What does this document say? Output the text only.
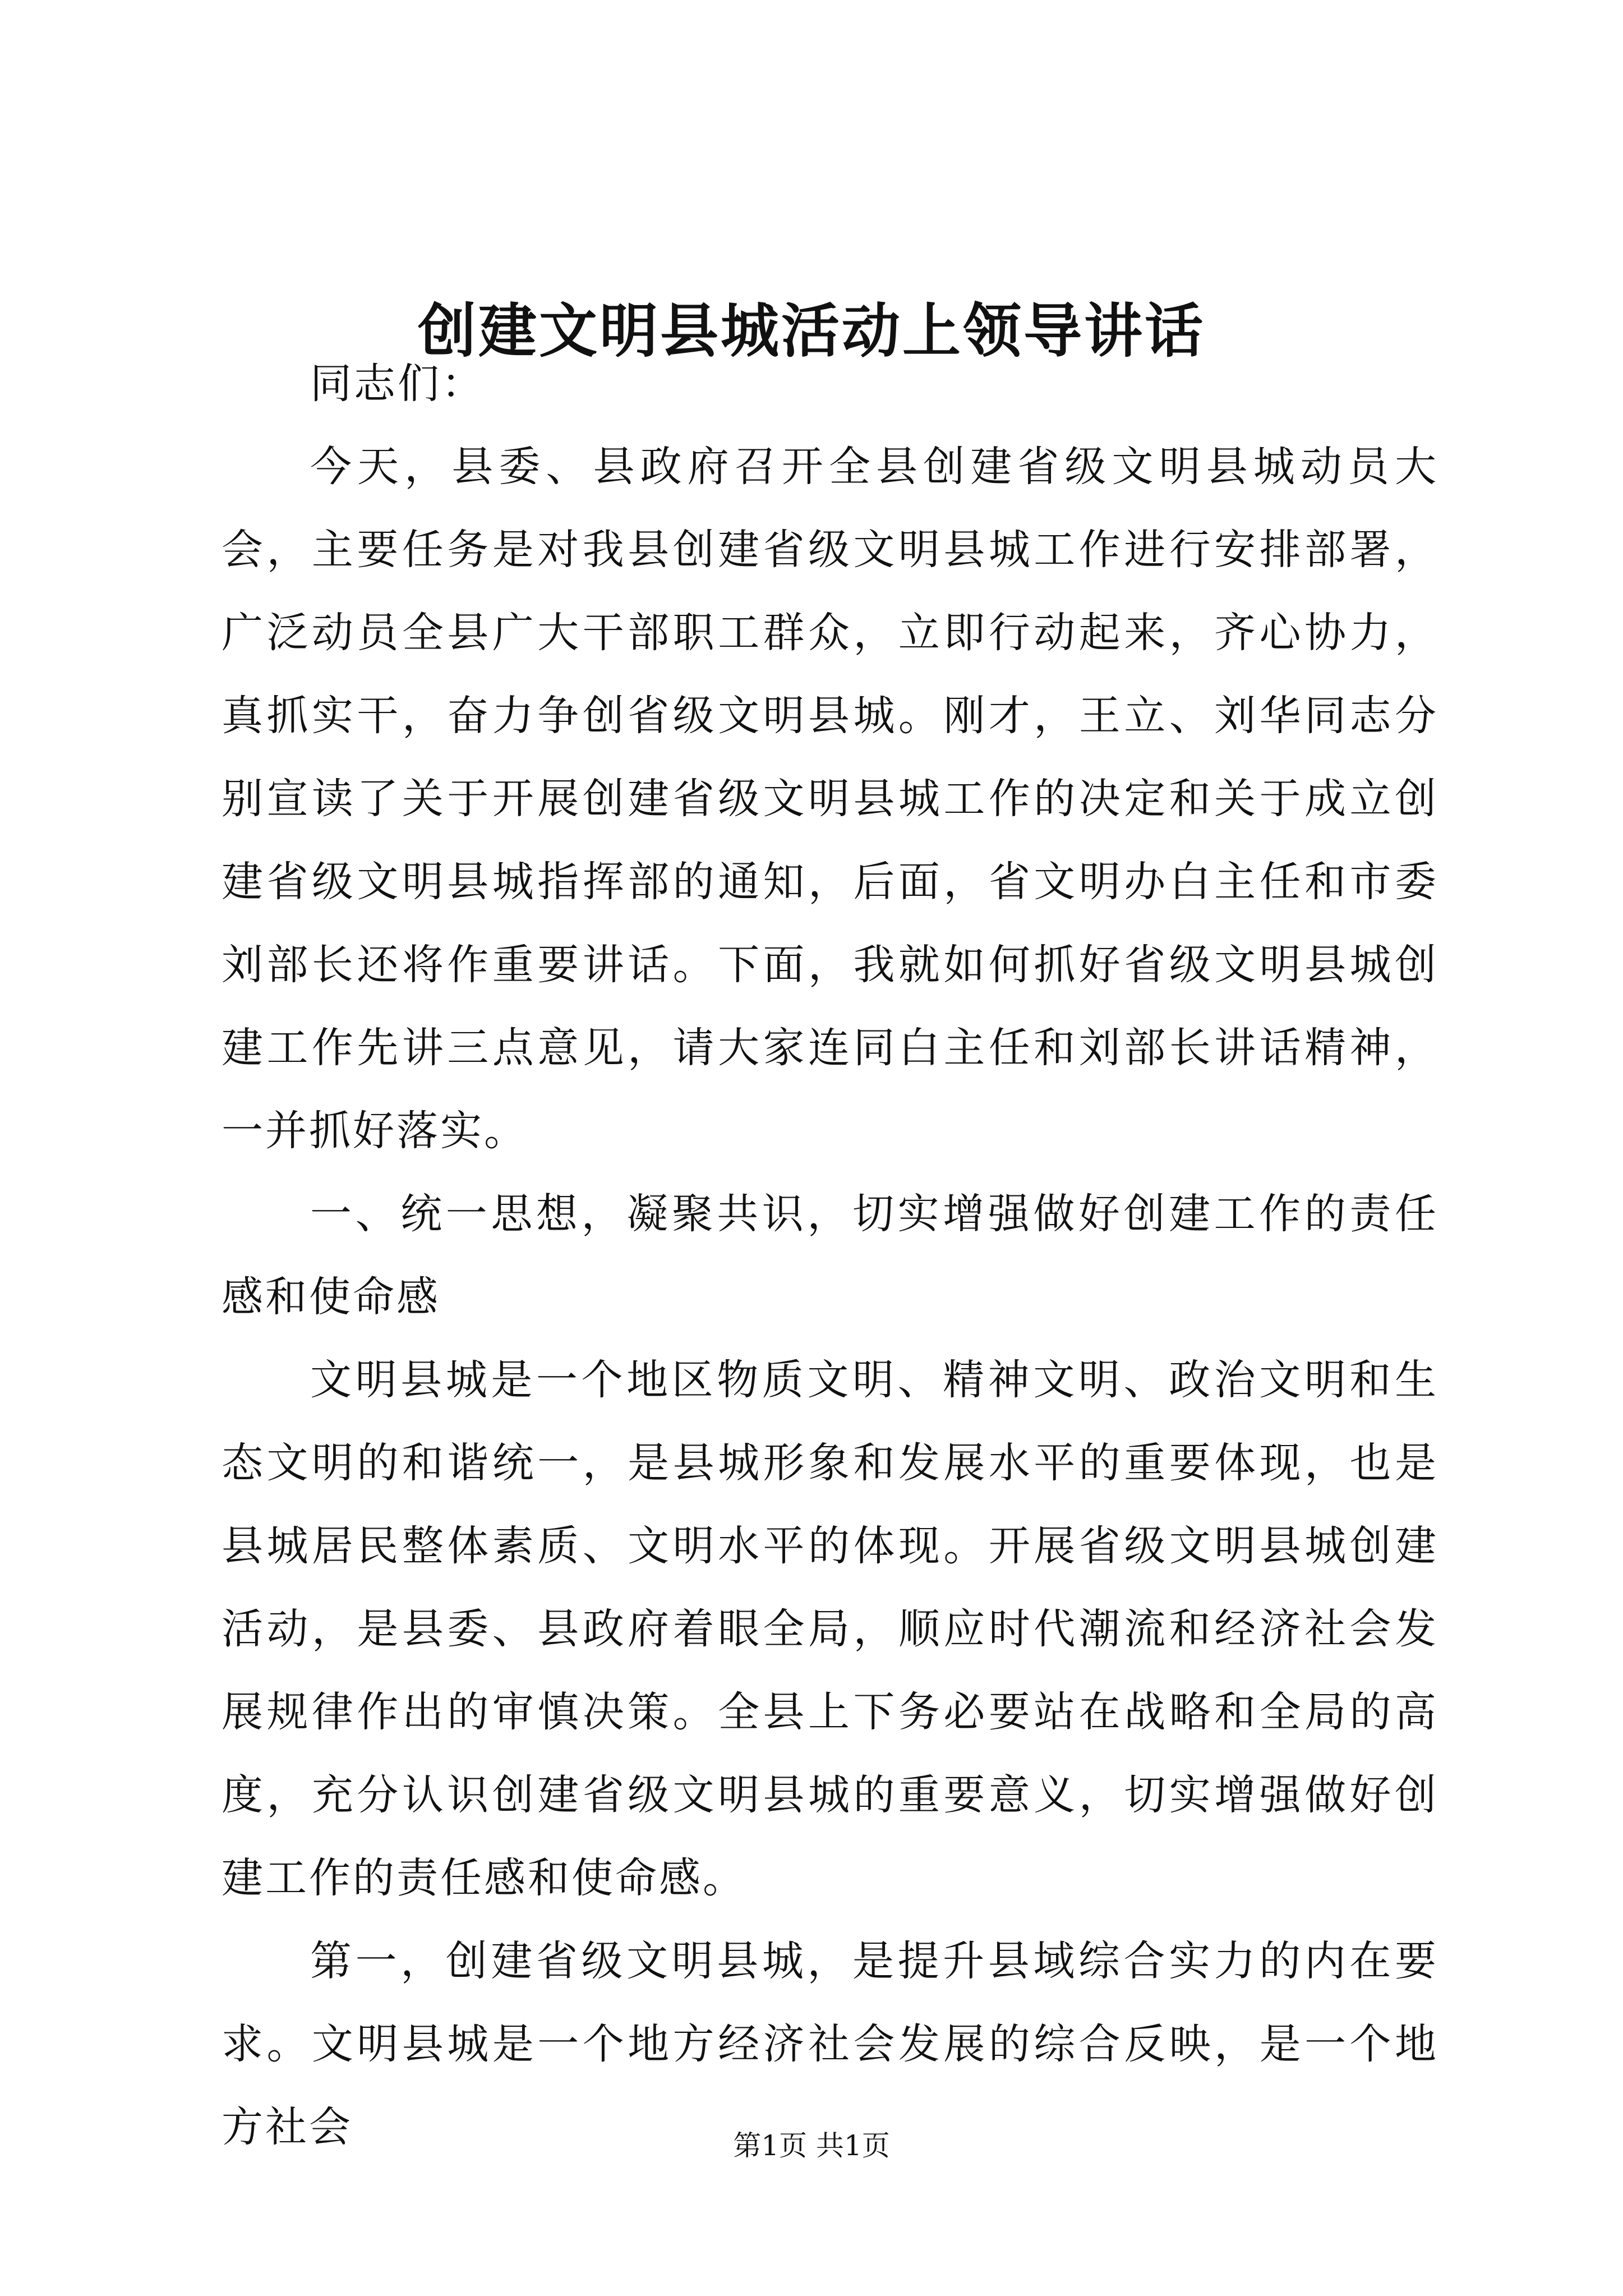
创建文明县城活动上领导讲话

同志们：

今天，县委、县政府召开全县创建省级文明县城动员大会，主要任务是对我县创建省级文明县城工作进行安排部署，广泛动员全县广大干部职工群众，立即行动起来，齐心协力，真抓实干，奋力争创省级文明县城。刚才，王立、刘华同志分别宣读了关于开展创建省级文明县城工作的决定和关于成立创建省级文明县城指挥部的通知，后面，省文明办白主任和市委刘部长还将作重要讲话。下面，我就如何抓好省级文明县城创建工作先讲三点意见，请大家连同白主任和刘部长讲话精神，一并抓好落实。

一、统一思想，凝聚共识，切实增强做好创建工作的责任感和使命感

文明县城是一个地区物质文明、精神文明、政治文明和生态文明的和谐统一，是县城形象和发展水平的重要体现，也是县城居民整体素质、文明水平的体现。开展省级文明县城创建活动，是县委、县政府着眼全局，顺应时代潮流和经济社会发展规律作出的审慎决策。全县上下务必要站在战略和全局的高度，充分认识创建省级文明县城的重要意义，切实增强做好创建工作的责任感和使命感。

第一，创建省级文明县城，是提升县域综合实力的内在要求。文明县城是一个地方经济社会发展的综合反映，是一个地方社会	第1页 共1页
